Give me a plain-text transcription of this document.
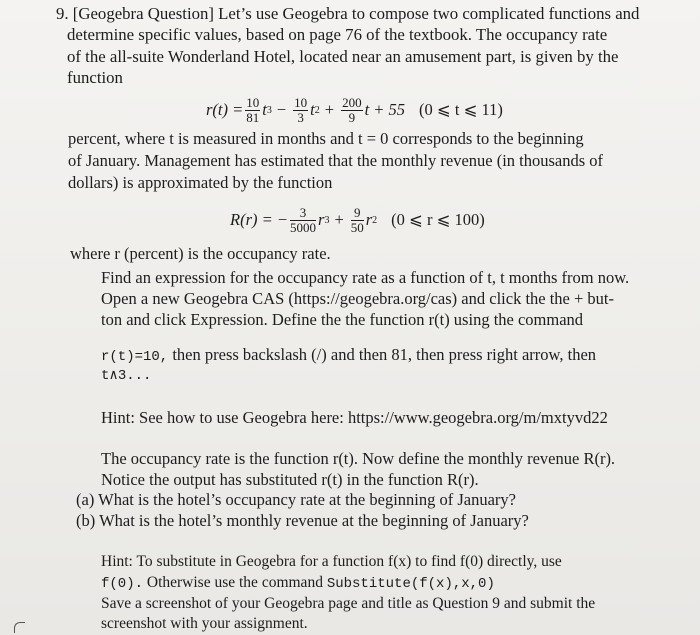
9. [Geogebra Question] Let’s use Geogebra to compose two complicated functions and
determine specific values, based on page 76 of the textbook. The occupancy rate
of the all-suite Wonderland Hotel, located near an amusement part, is given by the
function
$r(t) = \frac{10}{81}$ t $3 - \frac{10}{3}$ t $2 + \frac{200}{9}$ t + 55 (0 ⩽ t ⩽ 11)
percent, where t is measured in months and t = 0 corresponds to the beginning
of January. Management has estimated that the monthly revenue (in thousands of
dollars) is approximated by the function
R(r) = − $\frac{3}{5000}$ r $3 + \frac{9}{50}$ r 2 (0 ⩽ r ⩽ 100)
where r (percent) is the occupancy rate.
Find an expression for the occupancy rate as a function of t, t months from now.
Open a new Geogebra CAS (https://geogebra.org/cas) and click the the + but-
ton and click Expression. Define the the function r(t) using the command
r(t)=10, then press backslash (/) and then 81, then press right arrow, then
t∧3...
Hint: See how to use Geogebra here: https://www.geogebra.org/m/mxtyvd22
The occupancy rate is the function r(t). Now define the monthly revenue R(r).
Notice the output has substituted r(t) in the function R(r).
(a) What is the hotel’s occupancy rate at the beginning of January?
(b) What is the hotel’s monthly revenue at the beginning of January?
Hint: To substitute in Geogebra for a function f(x) to find f(0) directly, use
f(0). Otherwise use the command Substitute(f(x),x,0)
Save a screenshot of your Geogebra page and title as Question 9 and submit the
screenshot with your assignment.
